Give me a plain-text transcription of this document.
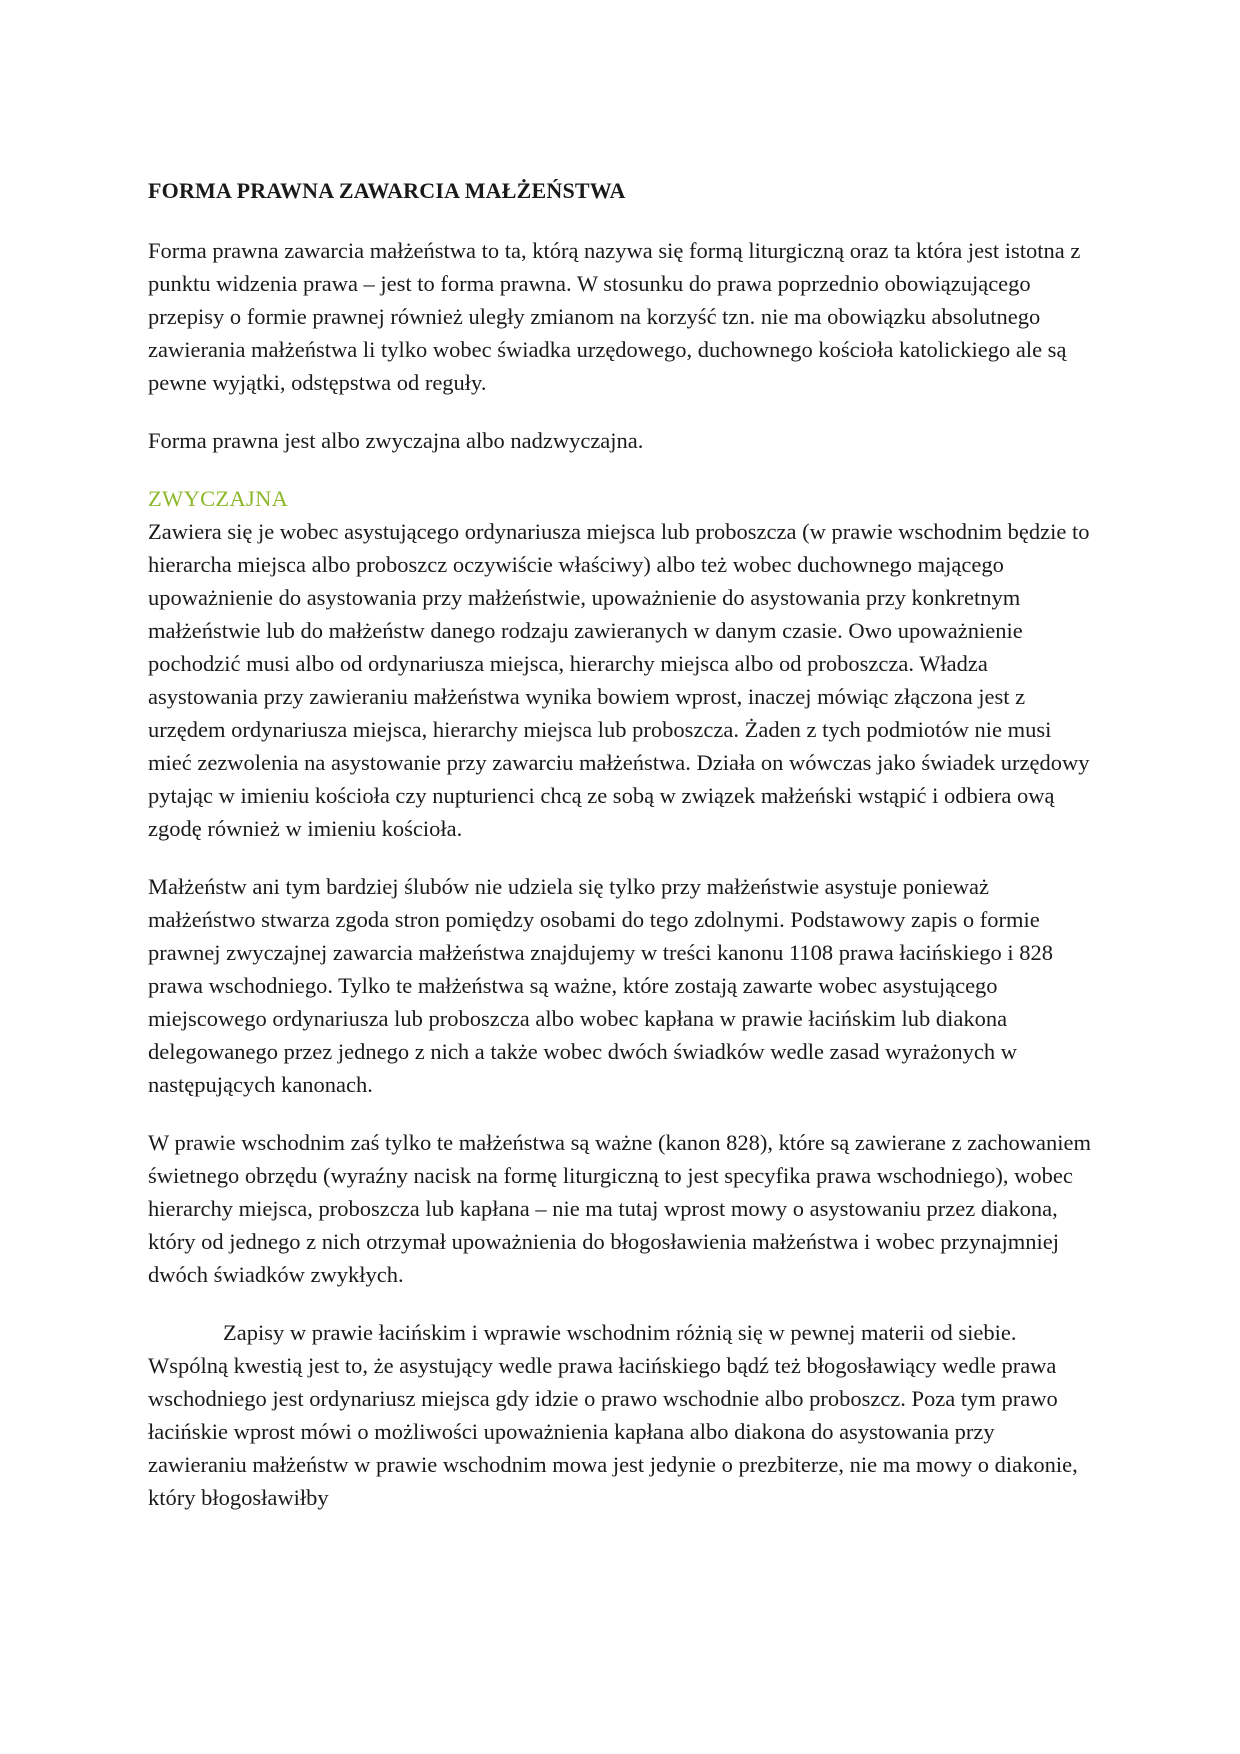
FORMA PRAWNA ZAWARCIA MAŁŻEŃSTWA

Forma prawna zawarcia małżeństwa to ta, którą nazywa się formą liturgiczną oraz ta która jest istotna z punktu widzenia prawa – jest to forma prawna. W stosunku do prawa poprzednio obowiązującego przepisy o formie prawnej również uległy zmianom na korzyść tzn. nie ma obowiązku absolutnego zawierania małżeństwa li tylko wobec świadka urzędowego, duchownego kościoła katolickiego ale są pewne wyjątki, odstępstwa od reguły.

Forma prawna jest albo zwyczajna albo nadzwyczajna.

ZWYCZAJNA

Zawiera się je wobec asystującego ordynariusza miejsca lub proboszcza (w prawie wschodnim będzie to hierarcha miejsca albo proboszcz oczywiście właściwy) albo też wobec duchownego mającego upoważnienie do asystowania przy małżeństwie, upoważnienie do asystowania przy konkretnym małżeństwie lub do małżeństw danego rodzaju zawieranych w danym czasie. Owo upoważnienie pochodzić musi albo od ordynariusza miejsca, hierarchy miejsca albo od proboszcza. Władza asystowania przy zawieraniu małżeństwa wynika bowiem wprost, inaczej mówiąc złączona jest z urzędem ordynariusza miejsca, hierarchy miejsca lub proboszcza. Żaden z tych podmiotów nie musi mieć zezwolenia na asystowanie przy zawarciu małżeństwa. Działa on wówczas jako świadek urzędowy pytając w imieniu kościoła czy nupturienci chcą ze sobą w związek małżeński wstąpić i odbiera ową zgodę również w imieniu kościoła.

Małżeństw ani tym bardziej ślubów nie udziela się tylko przy małżeństwie asystuje ponieważ małżeństwo stwarza zgoda stron pomiędzy osobami do tego zdolnymi. Podstawowy zapis o formie prawnej zwyczajnej zawarcia małżeństwa znajdujemy w treści kanonu 1108 prawa łacińskiego i 828 prawa wschodniego. Tylko te małżeństwa są ważne, które zostają zawarte wobec asystującego miejscowego ordynariusza lub proboszcza albo wobec kapłana w prawie łacińskim lub diakona delegowanego przez jednego z nich a także wobec dwóch świadków wedle zasad wyrażonych w następujących kanonach.

W prawie wschodnim zaś tylko te małżeństwa są ważne (kanon 828), które są zawierane z zachowaniem świetnego obrzędu (wyraźny nacisk na formę liturgiczną to jest specyfika prawa wschodniego), wobec hierarchy miejsca, proboszcza lub kapłana – nie ma tutaj wprost mowy o asystowaniu przez diakona, który od jednego z nich otrzymał upoważnienia do błogosławienia małżeństwa i wobec przynajmniej dwóch świadków zwykłych.

Zapisy w prawie łacińskim i wprawie wschodnim różnią się w pewnej materii od siebie. Wspólną kwestią jest to, że asystujący wedle prawa łacińskiego bądź też błogosławiący wedle prawa wschodniego jest ordynariusz miejsca gdy idzie o prawo wschodnie albo proboszcz. Poza tym prawo łacińskie wprost mówi o możliwości upoważnienia kapłana albo diakona do asystowania przy zawieraniu małżeństw w prawie wschodnim mowa jest jedynie o prezbiterze, nie ma mowy o diakonie, który błogosławiłby
